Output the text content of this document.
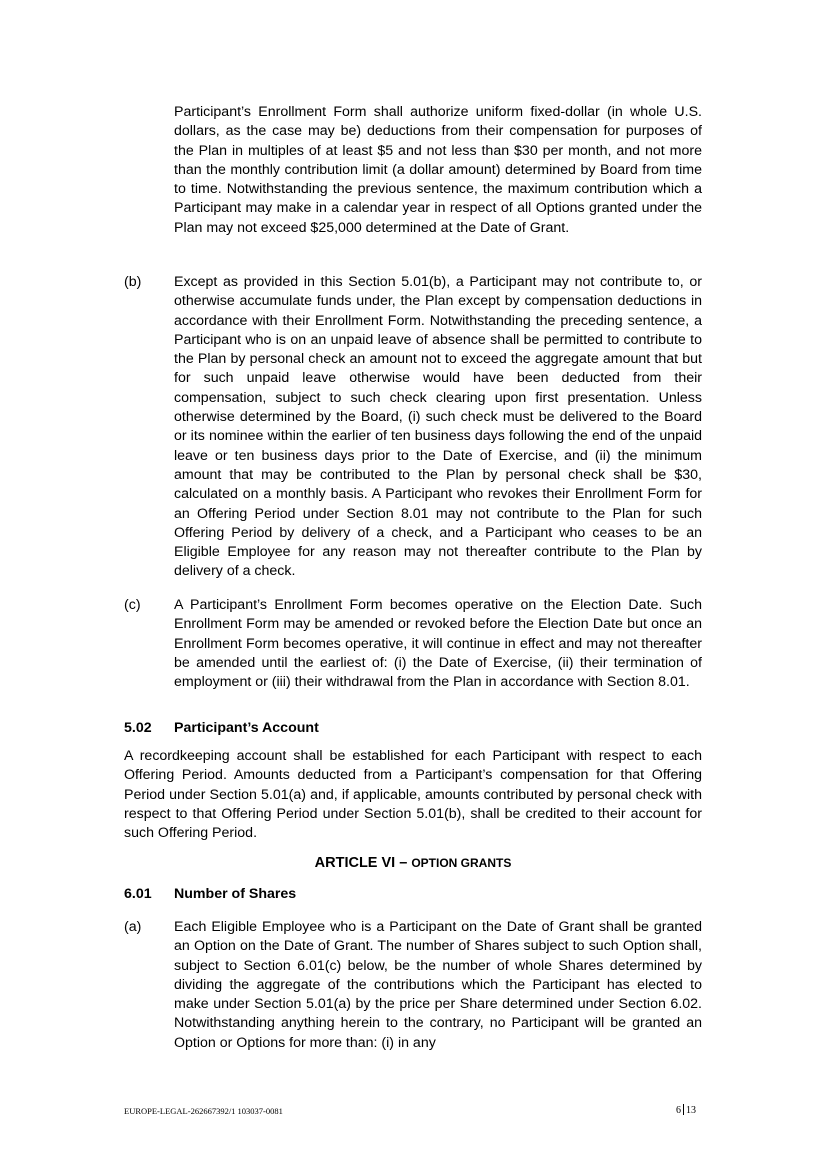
Participant’s Enrollment Form shall authorize uniform fixed-dollar (in whole U.S. dollars, as the case may be) deductions from their compensation for purposes of the Plan in multiples of at least $5 and not less than $30 per month, and not more than the monthly contribution limit (a dollar amount) determined by Board from time to time. Notwithstanding the previous sentence, the maximum contribution which a Participant may make in a calendar year in respect of all Options granted under the Plan may not exceed $25,000 determined at the Date of Grant.
(b) Except as provided in this Section 5.01(b), a Participant may not contribute to, or otherwise accumulate funds under, the Plan except by compensation deductions in accordance with their Enrollment Form. Notwithstanding the preceding sentence, a Participant who is on an unpaid leave of absence shall be permitted to contribute to the Plan by personal check an amount not to exceed the aggregate amount that but for such unpaid leave otherwise would have been deducted from their compensation, subject to such check clearing upon first presentation. Unless otherwise determined by the Board, (i) such check must be delivered to the Board or its nominee within the earlier of ten business days following the end of the unpaid leave or ten business days prior to the Date of Exercise, and (ii) the minimum amount that may be contributed to the Plan by personal check shall be $30, calculated on a monthly basis. A Participant who revokes their Enrollment Form for an Offering Period under Section 8.01 may not contribute to the Plan for such Offering Period by delivery of a check, and a Participant who ceases to be an Eligible Employee for any reason may not thereafter contribute to the Plan by delivery of a check.
(c) A Participant’s Enrollment Form becomes operative on the Election Date. Such Enrollment Form may be amended or revoked before the Election Date but once an Enrollment Form becomes operative, it will continue in effect and may not thereafter be amended until the earliest of: (i) the Date of Exercise, (ii) their termination of employment or (iii) their withdrawal from the Plan in accordance with Section 8.01.
5.02 Participant’s Account
A recordkeeping account shall be established for each Participant with respect to each Offering Period. Amounts deducted from a Participant’s compensation for that Offering Period under Section 5.01(a) and, if applicable, amounts contributed by personal check with respect to that Offering Period under Section 5.01(b), shall be credited to their account for such Offering Period.
ARTICLE VI – OPTION GRANTS
6.01 Number of Shares
(a) Each Eligible Employee who is a Participant on the Date of Grant shall be granted an Option on the Date of Grant. The number of Shares subject to such Option shall, subject to Section 6.01(c) below, be the number of whole Shares determined by dividing the aggregate of the contributions which the Participant has elected to make under Section 5.01(a) by the price per Share determined under Section 6.02. Notwithstanding anything herein to the contrary, no Participant will be granted an Option or Options for more than: (i) in any
EUROPE-LEGAL-262667392/1 103037-0081	6 13
